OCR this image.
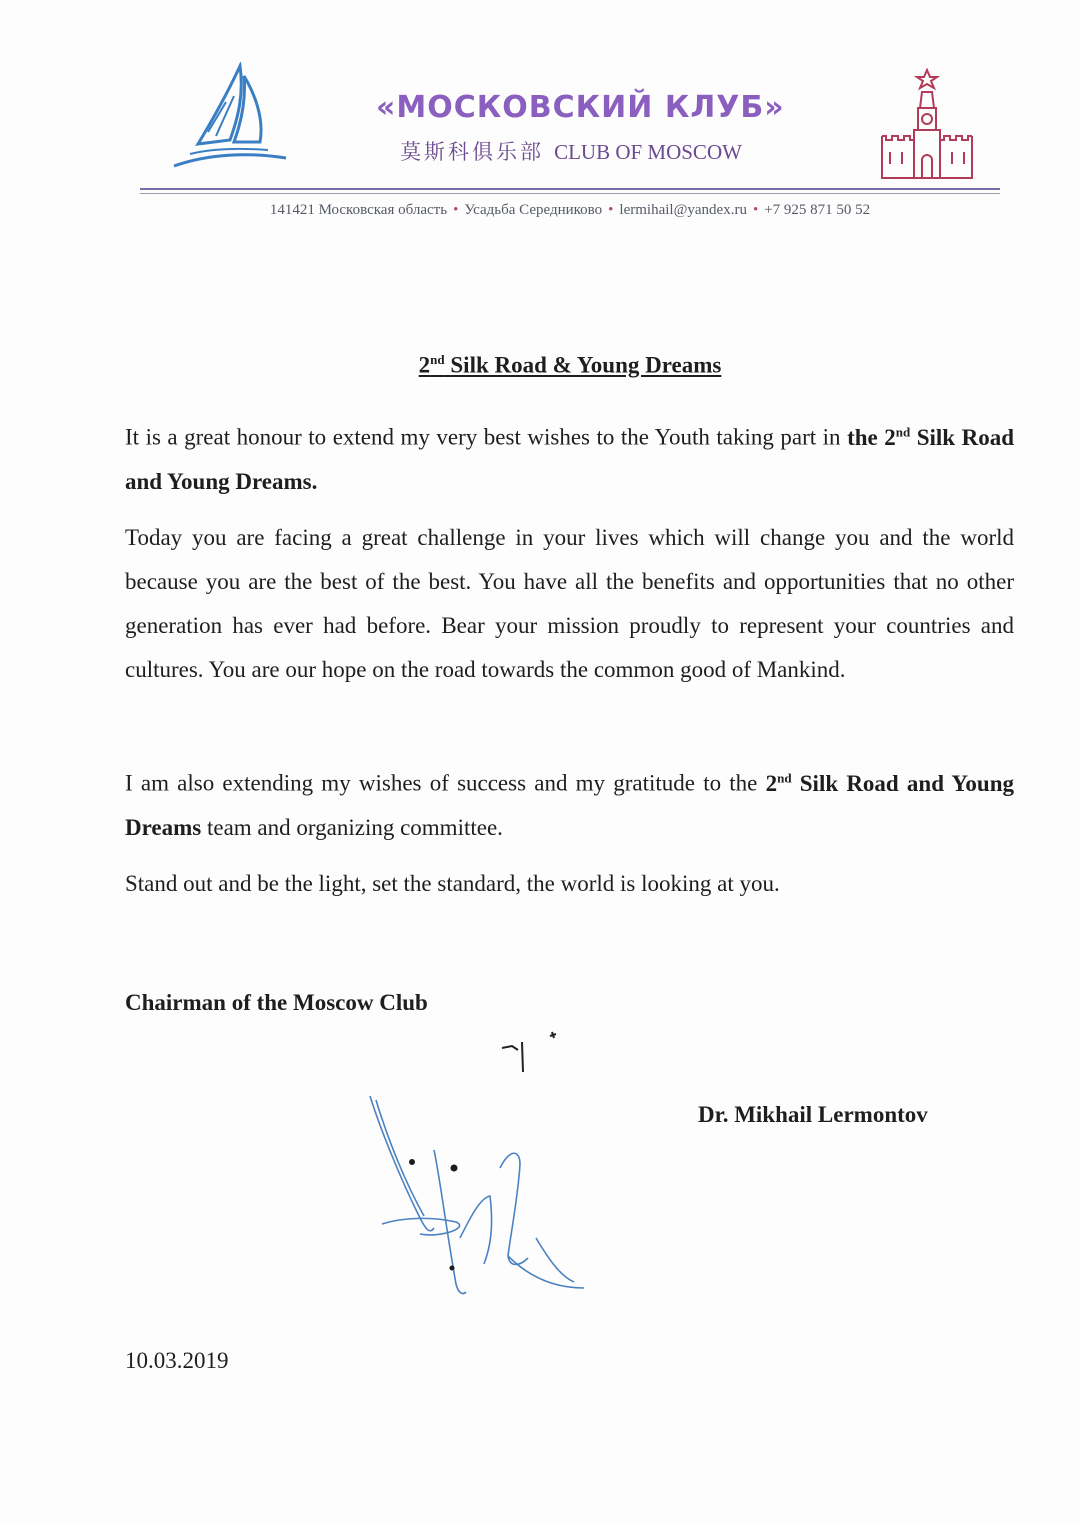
«МОСКОВСКИЙ КЛУБ»
莫斯科俱乐部 CLUB OF MOSCOW
141421 Московская область • Усадьба Середниково • lermihail@yandex.ru • +7 925 871 50 52
2nd Silk Road & Young Dreams
It is a great honour to extend my very best wishes to the Youth taking part in the 2nd Silk Road and Young Dreams.
Today you are facing a great challenge in your lives which will change you and the world because you are the best of the best. You have all the benefits and opportunities that no other generation has ever had before. Bear your mission proudly to represent your countries and cultures. You are our hope on the road towards the common good of Mankind.
I am also extending my wishes of success and my gratitude to the 2nd Silk Road and Young Dreams team and organizing committee.
Stand out and be the light, set the standard, the world is looking at you.
Chairman of the Moscow Club
Dr. Mikhail Lermontov
10.03.2019
